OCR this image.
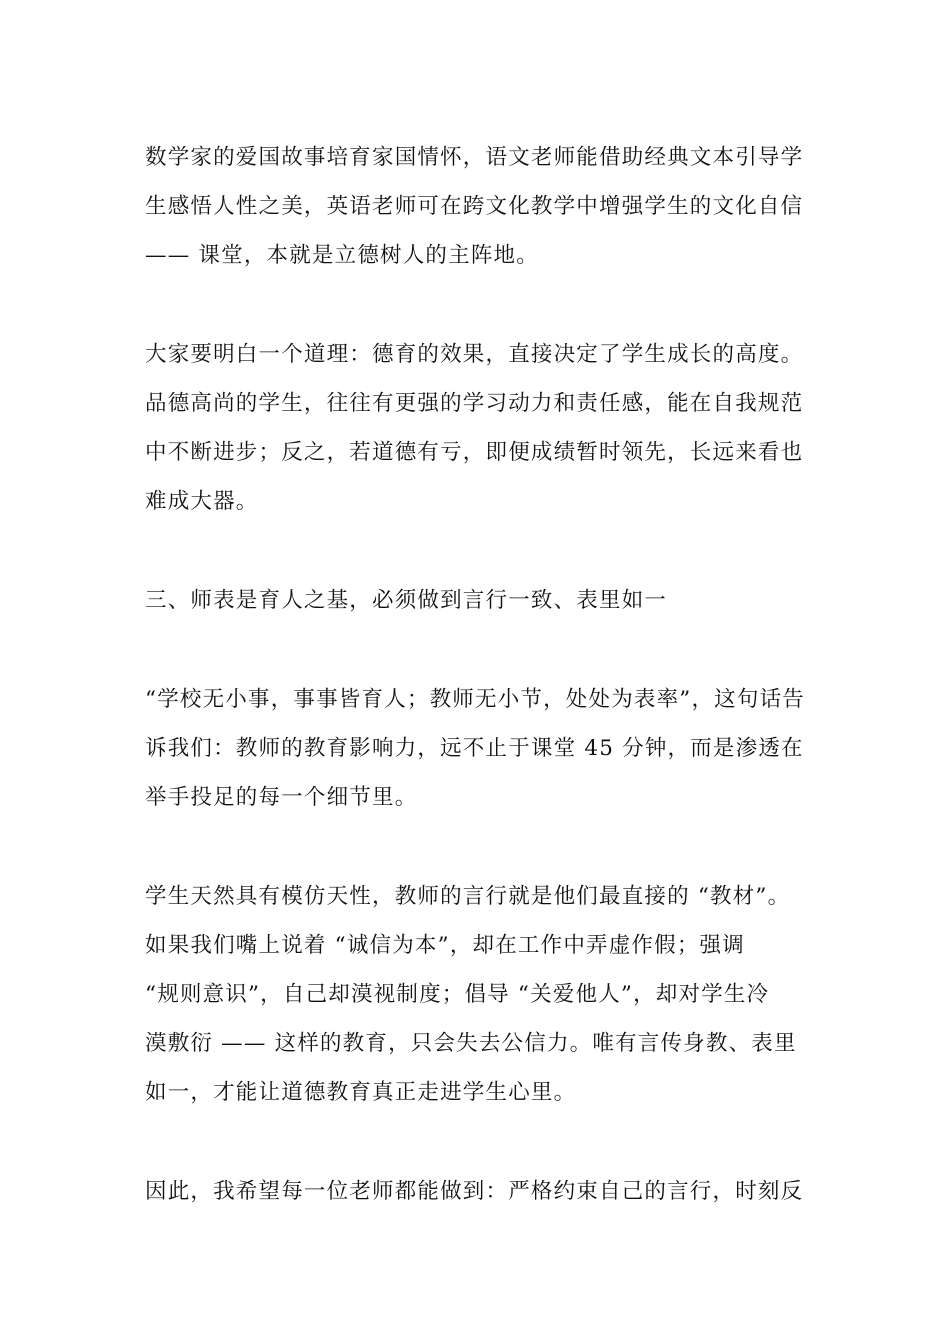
数学家的爱国故事培育家国情怀，语文老师能借助经典文本引导学
生感悟人性之美，英语老师可在跨文化教学中增强学生的文化自信
—— 课堂，本就是立德树人的主阵地。

大家要明白一个道理：德育的效果，直接决定了学生成长的高度。
品德高尚的学生，往往有更强的学习动力和责任感，能在自我规范
中不断进步；反之，若道德有亏，即便成绩暂时领先，长远来看也
难成大器。

三、师表是育人之基，必须做到言行一致、表里如一

“学校无小事，事事皆育人；教师无小节，处处为表率”，这句话告
诉我们：教师的教育影响力，远不止于课堂 45 分钟，而是渗透在
举手投足的每一个细节里。

学生天然具有模仿天性，教师的言行就是他们最直接的 “教材”。
如果我们嘴上说着 “诚信为本”，却在工作中弄虚作假；强调
“规则意识”，自己却漠视制度；倡导 “关爱他人”，却对学生冷
漠敷衍 —— 这样的教育，只会失去公信力。唯有言传身教、表里
如一，才能让道德教育真正走进学生心里。

因此，我希望每一位老师都能做到：严格约束自己的言行，时刻反
